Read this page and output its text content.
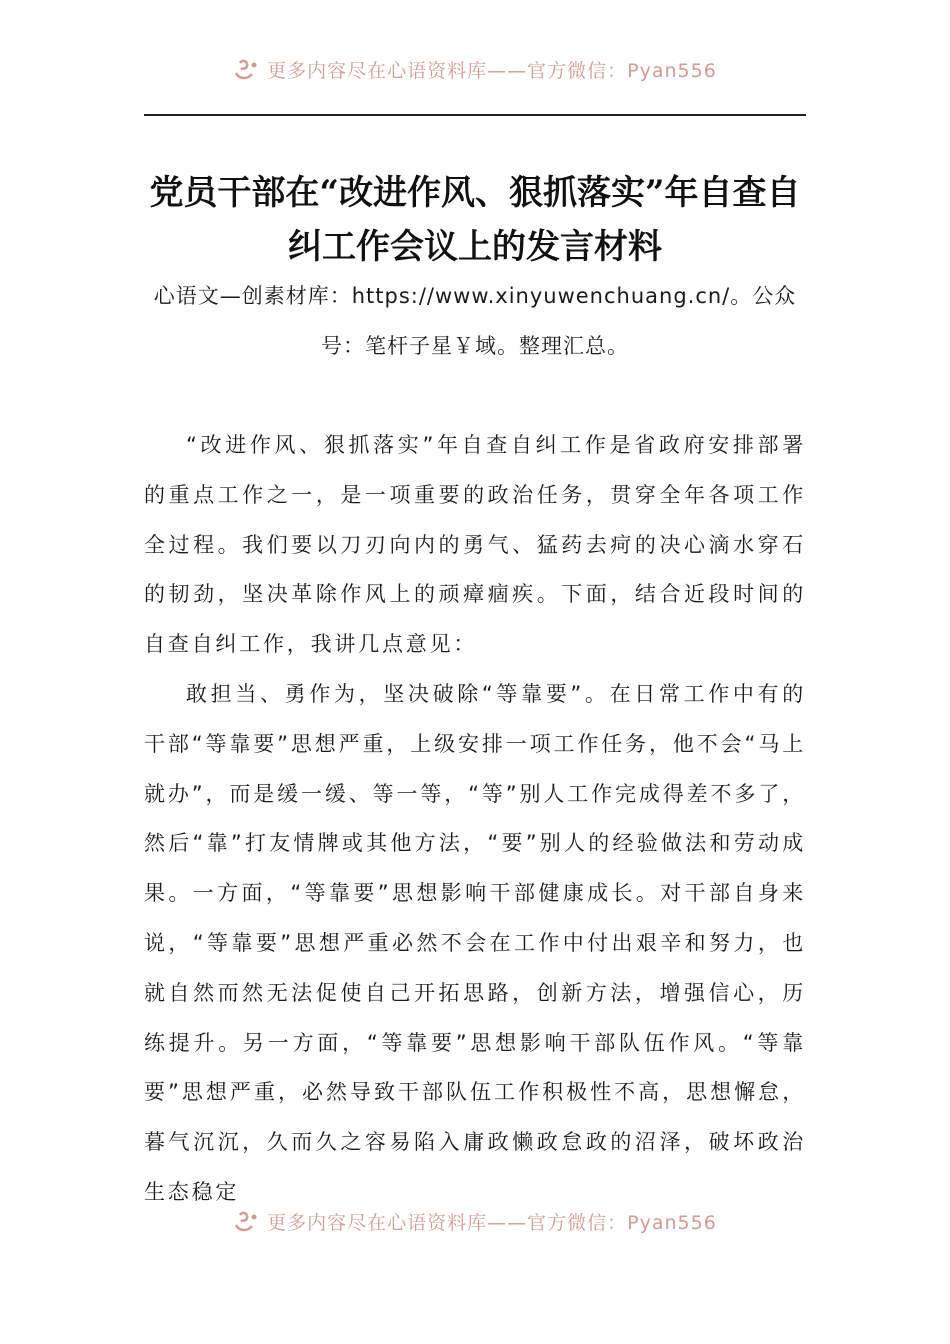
更多内容尽在心语资料库——官方微信：Pyan556
党员干部在“改进作风、狠抓落实”年自查自纠工作会议上的发言材料

心语文—创素材库：https://www.xinyuwenchuang.cn/。公众号：笔杆子星￥域。整理汇总。

“改进作风、狠抓落实”年自查自纠工作是省政府安排部署的重点工作之一，是一项重要的政治任务，贯穿全年各项工作全过程。我们要以刀刃向内的勇气、猛药去疴的决心滴水穿石的韧劲，坚决革除作风上的顽瘴痼疾。下面，结合近段时间的自查自纠工作，我讲几点意见：

敢担当、勇作为，坚决破除“等靠要”。在日常工作中有的干部“等靠要”思想严重，上级安排一项工作任务，他不会“马上就办”，而是缓一缓、等一等，“等”别人工作完成得差不多了，然后“靠”打友情牌或其他方法，“要”别人的经验做法和劳动成果。一方面，“等靠要”思想影响干部健康成长。对干部自身来说，“等靠要”思想严重必然不会在工作中付出艰辛和努力，也就自然而然无法促使自己开拓思路，创新方法，增强信心，历练提升。另一方面，“等靠要”思想影响干部队伍作风。“等靠要”思想严重，必然导致干部队伍工作积极性不高，思想懈怠，暮气沉沉，久而久之容易陷入庸政懒政怠政的沼泽，破坏政治生态稳定

更多内容尽在心语资料库——官方微信：Pyan556
